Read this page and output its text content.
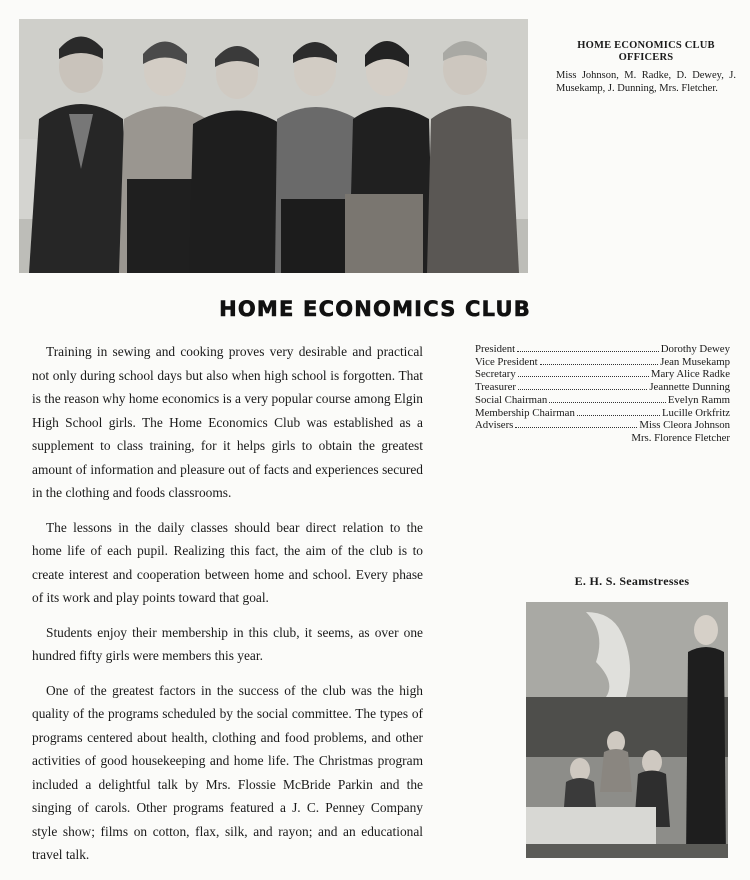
HOME ECONOMICS CLUB OFFICERS
Miss Johnson, M. Radke, D. Dewey, J. Musekamp, J. Dunning, Mrs. Fletcher.
HOME ECONOMICS CLUB

Training in sewing and cooking proves very desirable and practical not only during school days but also when high school is forgotten. That is the reason why home economics is a very popular course among Elgin High School girls. The Home Economics Club was established as a supplement to class training, for it helps girls to obtain the greatest amount of information and pleasure out of facts and experiences secured in the clothing and foods classrooms.

The lessons in the daily classes should bear direct relation to the home life of each pupil. Realizing this fact, the aim of the club is to create interest and cooperation between home and school. Every phase of its work and play points toward that goal.

Students enjoy their membership in this club, it seems, as over one hundred fifty girls were members this year.

One of the greatest factors in the success of the club was the high quality of the programs scheduled by the social committee. The types of programs centered about health, clothing and food problems, and other activities of good housekeeping and home life. The Christmas program included a delightful talk by Mrs. Flossie McBride Parkin and the singing of carols. Other programs featured a J. C. Penney Company style show; films on cotton, flax, silk, and rayon; and an educational travel talk.

President	Dorothy Dewey
Vice President	Jean Musekamp
Secretary	Mary Alice Radke
Treasurer	Jeannette Dunning
Social Chairman	Evelyn Ramm
Membership Chairman	Lucille Orkfritz
Advisers	Miss Cleora Johnson
Mrs. Florence Fletcher
E. H. S. Seamstresses
